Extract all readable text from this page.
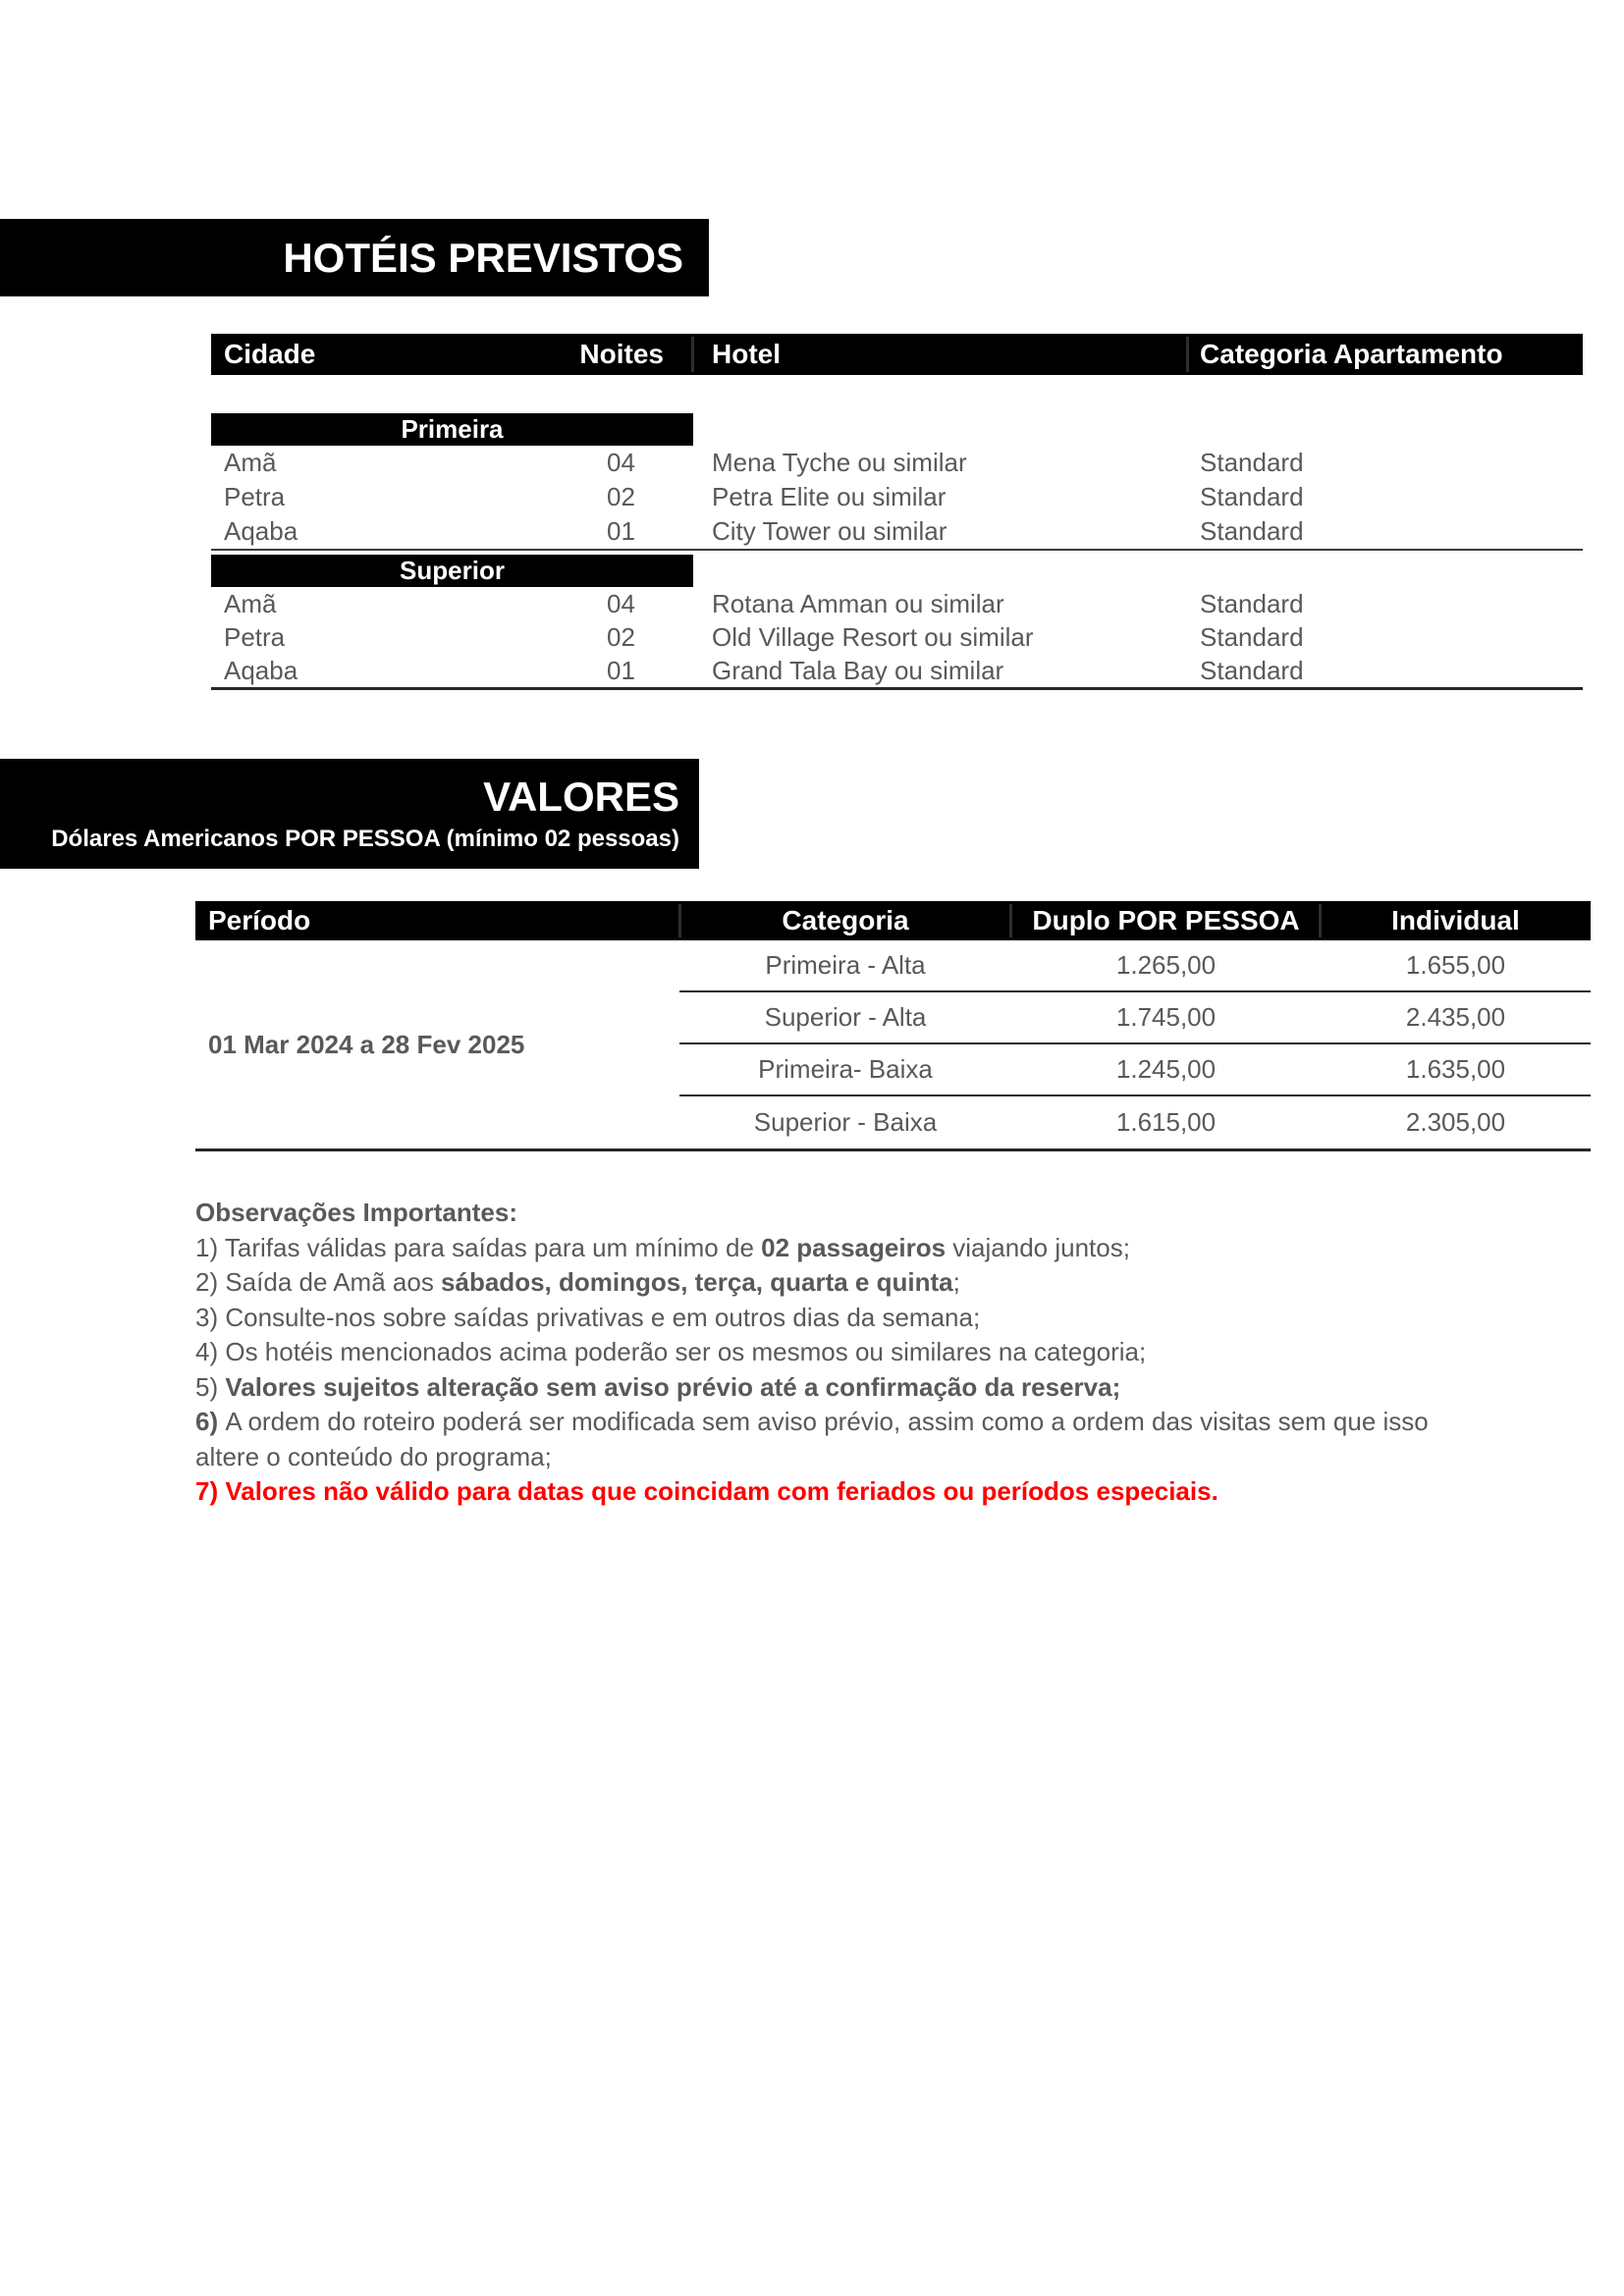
HOTÉIS PREVISTOS
Cidade	Noites	Hotel	Categoria Apartamento
Primeira
Amã	04	Mena Tyche ou similar	Standard
Petra	02	Petra Elite ou similar	Standard
Aqaba	01	City Tower ou similar	Standard
Superior
Amã	04	Rotana Amman ou similar	Standard
Petra	02	Old Village Resort ou similar	Standard
Aqaba	01	Grand Tala Bay ou similar	Standard
VALORES
Dólares Americanos POR PESSOA (mínimo 02 pessoas)
Período	Categoria	Duplo POR PESSOA	Individual
01 Mar 2024 a 28 Fev 2025
Primeira - Alta	1.265,00	1.655,00
Superior - Alta	1.745,00	2.435,00
Primeira- Baixa	1.245,00	1.635,00
Superior - Baixa	1.615,00	2.305,00
Observações Importantes:
1) Tarifas válidas para saídas para um mínimo de 02 passageiros viajando juntos;
2) Saída de Amã aos sábados, domingos, terça, quarta e quinta;
3) Consulte-nos sobre saídas privativas e em outros dias da semana;
4) Os hotéis mencionados acima poderão ser os mesmos ou similares na categoria;
5) Valores sujeitos alteração sem aviso prévio até a confirmação da reserva;
6) A ordem do roteiro poderá ser modificada sem aviso prévio, assim como a ordem das visitas sem que isso
altere o conteúdo do programa;
7) Valores não válido para datas que coincidam com feriados ou períodos especiais.
